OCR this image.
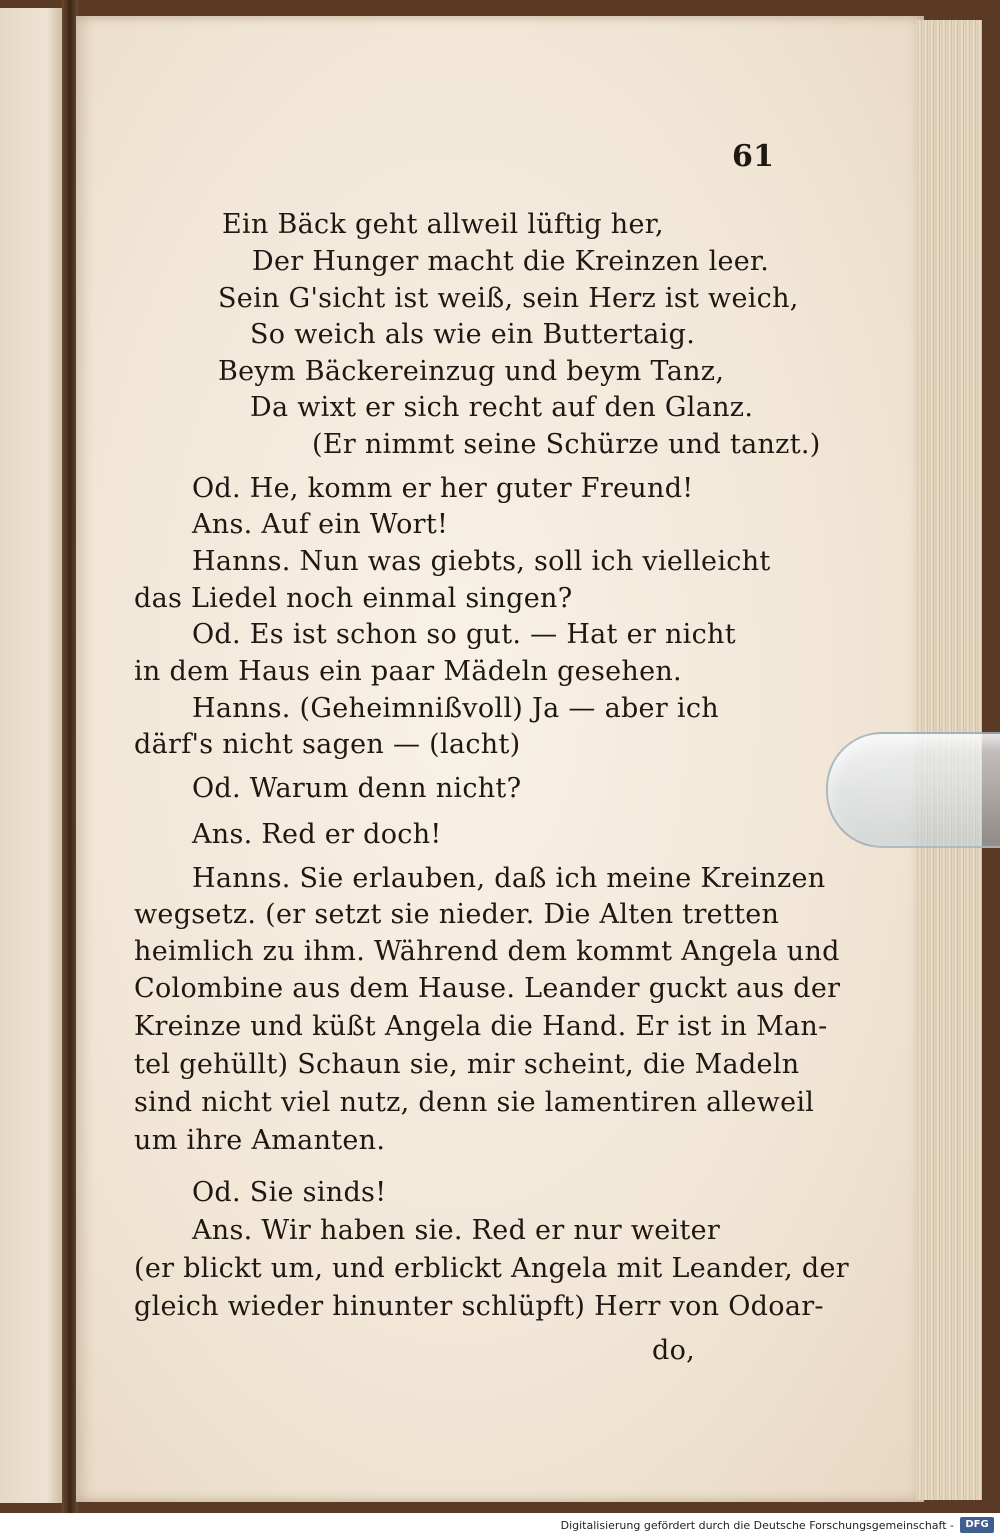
61
Ein Bäck geht allweil lüftig her,
Der Hunger macht die Kreinzen leer.
Sein G'sicht ist weiß, sein Herz ist weich,
So weich als wie ein Buttertaig.
Beym Bäckereinzug und beym Tanz,
Da wixt er sich recht auf den Glanz.
(Er nimmt seine Schürze und tanzt.)
Od. He, komm er her guter Freund!
Ans. Auf ein Wort!
Hanns. Nun was giebts, soll ich vielleicht
das Liedel noch einmal singen?
Od. Es ist schon so gut. — Hat er nicht
in dem Haus ein paar Mädeln gesehen.
Hanns. (Geheimnißvoll) Ja — aber ich
därf's nicht sagen — (lacht)
Od. Warum denn nicht?
Ans. Red er doch!
Hanns. Sie erlauben, daß ich meine Kreinzen
wegsetz. (er setzt sie nieder. Die Alten tretten
heimlich zu ihm. Während dem kommt Angela und
Colombine aus dem Hause. Leander guckt aus der
Kreinze und küßt Angela die Hand. Er ist in Man-
tel gehüllt) Schaun sie, mir scheint, die Madeln
sind nicht viel nutz, denn sie lamentiren alleweil
um ihre Amanten.
Od. Sie sinds!
Ans. Wir haben sie. Red er nur weiter
(er blickt um, und erblickt Angela mit Leander, der
gleich wieder hinunter schlüpft) Herr von Odoar-
do,
Digitalisierung gefördert durch die Deutsche Forschungsgemeinschaft -	DFG
